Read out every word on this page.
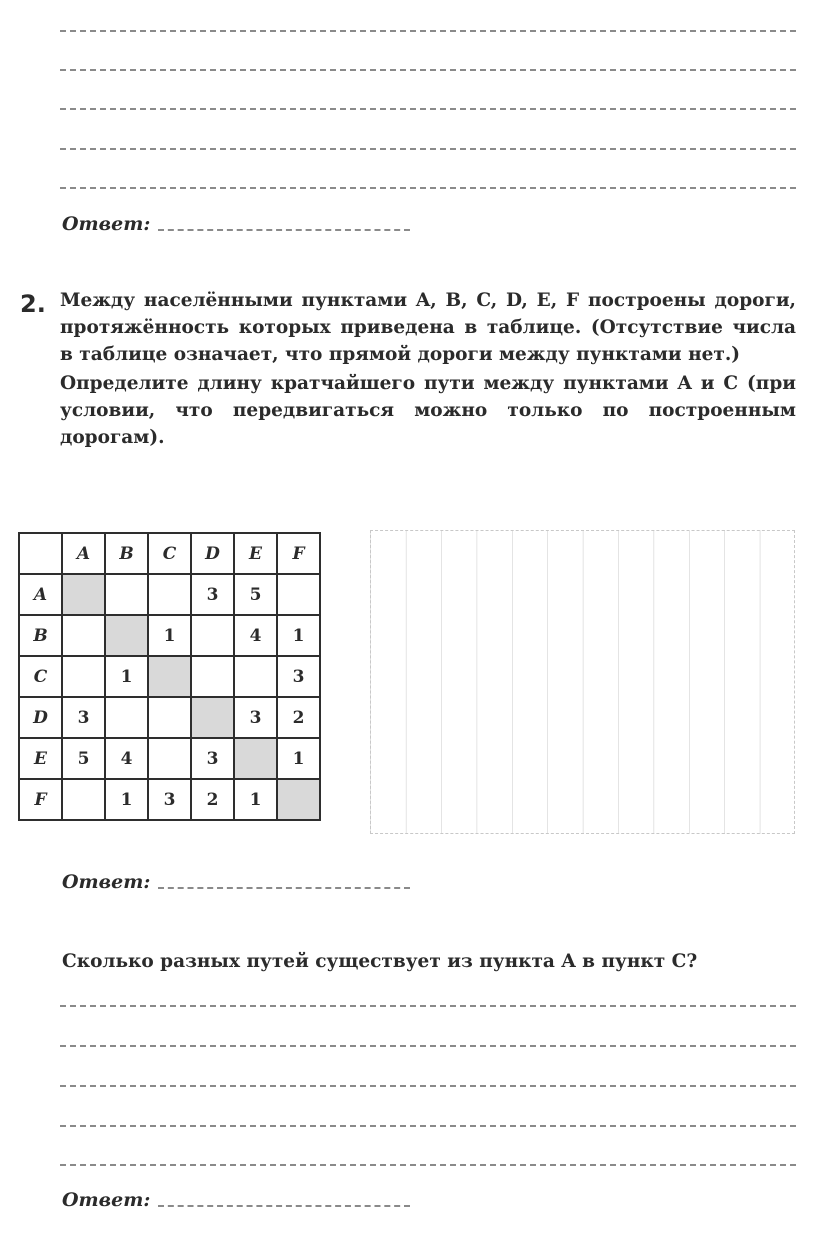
Ответ:
2. Между населёнными пунктами A, B, C, D, E, F построены дороги, протяжённость которых приведена в таблице. (Отсутствие числа в таблице означает, что прямой дороги между пунктами нет.)

Определите длину кратчайшего пути между пунктами A и C (при условии, что передвигаться можно только по построенным дорогам).

	A	B	C	D	E	F
A				3	5	
B			1		4	1
C		1				3
D	3				3	2
E	5	4		3		1
F		1	3	2	1	
Ответ:
Сколько разных путей существует из пункта A в пункт C?
Ответ:
